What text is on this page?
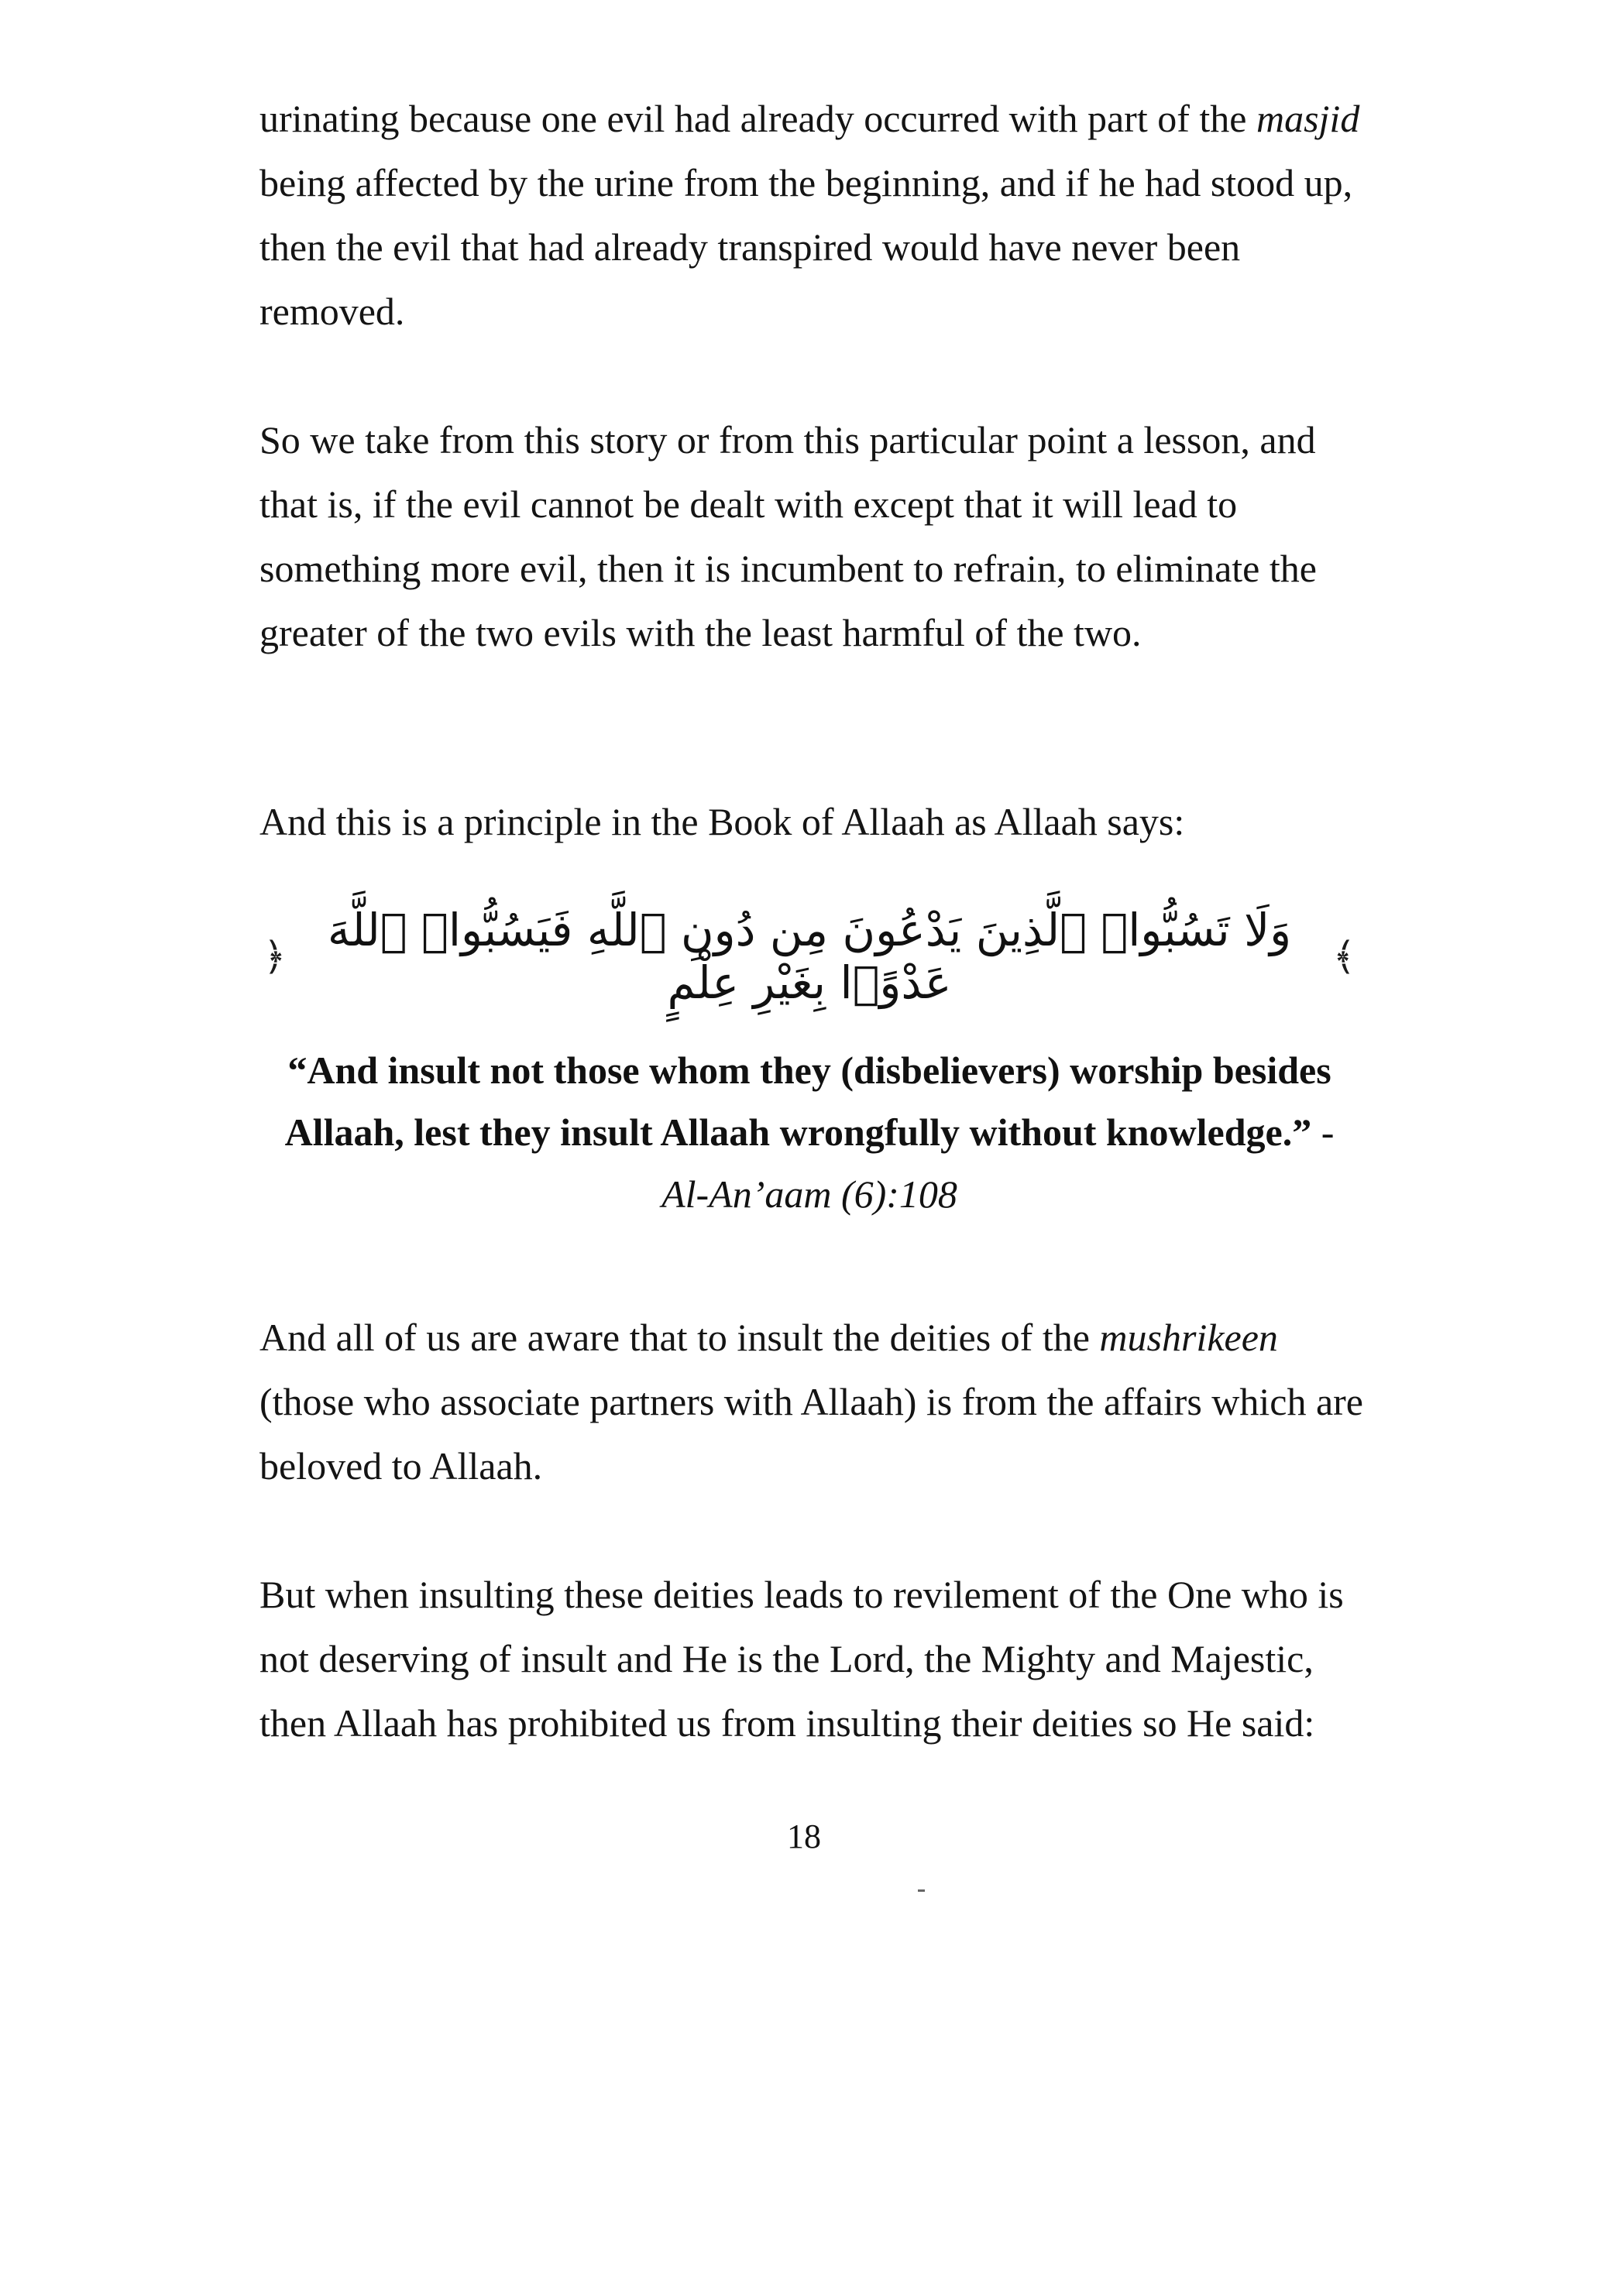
urinating because one evil had already occurred with part of the masjid being affected by the urine from the beginning, and if he had stood up, then the evil that had already transpired would have never been removed.

So we take from this story or from this particular point a lesson, and that is, if the evil cannot be dealt with except that it will lead to something more evil, then it is incumbent to refrain, to eliminate the greater of the two evils with the least harmful of the two.

And this is a principle in the Book of Allaah as Allaah says:

﴿ وَلَا تَسُبُّوا۟ ٱلَّذِينَ يَدْعُونَ مِن دُونِ ٱللَّهِ فَيَسُبُّوا۟ ٱللَّهَ عَدْوًۢا بِغَيْرِ عِلْمٍ	﴾

“And insult not those whom they (disbelievers) worship besides Allaah, lest they insult Allaah wrongfully without knowledge.” - Al-An’aam (6):108

And all of us are aware that to insult the deities of the mushrikeen (those who associate partners with Allaah) is from the affairs which are beloved to Allaah.

But when insulting these deities leads to revilement of the One who is not deserving of insult and He is the Lord, the Mighty and Majestic, then Allaah has prohibited us from insulting their deities so He said:

18
